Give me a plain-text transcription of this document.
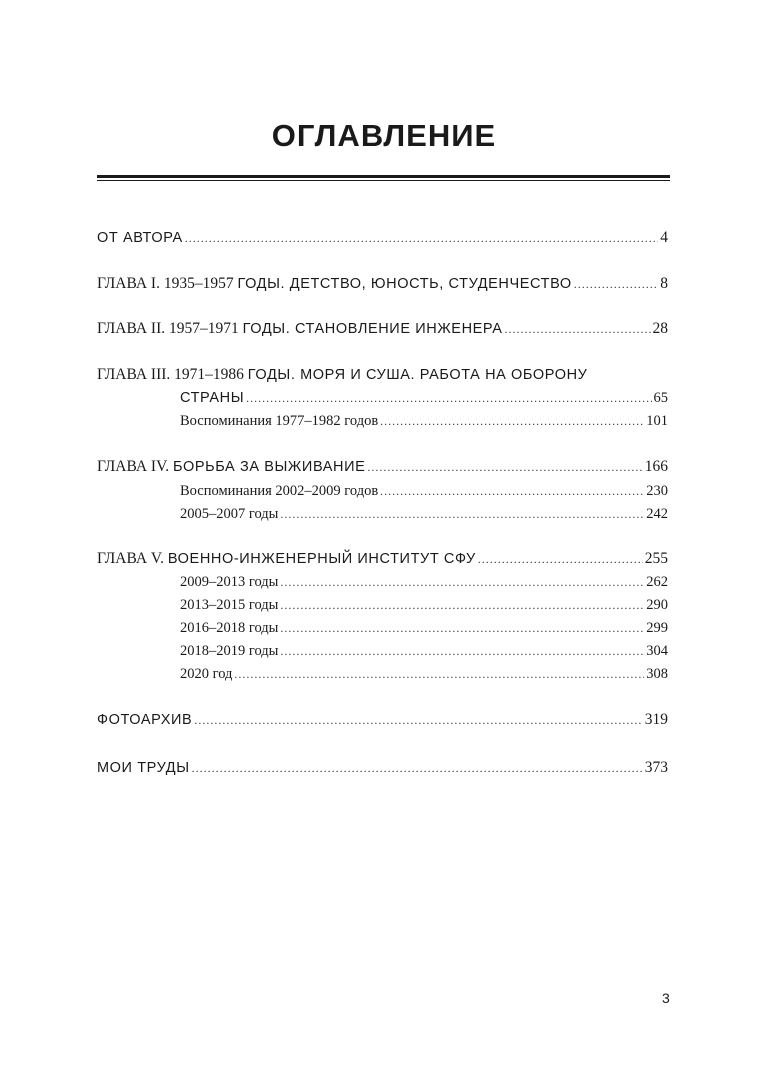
ОГЛАВЛЕНИЕ
ОТ АВТОРА .....	4
ГЛАВА I. 1935–1957 ГОДЫ. ДЕТСТВО, ЮНОСТЬ, СТУДЕНЧЕСТВО .....	8
ГЛАВА II. 1957–1971 ГОДЫ. СТАНОВЛЕНИЕ ИНЖЕНЕРА .....	28
ГЛАВА III. 1971–1986 ГОДЫ. МОРЯ И СУША. РАБОТА НА ОБОРОНУ
СТРАНЫ .....	65
Воспоминания 1977–1982 годов .....	101
ГЛАВА IV. БОРЬБА ЗА ВЫЖИВАНИЕ .....	166
Воспоминания 2002–2009 годов .....	230
2005–2007 годы .....	242
ГЛАВА V. ВОЕННО-ИНЖЕНЕРНЫЙ ИНСТИТУТ СФУ .....	255
2009–2013 годы .....	262
2013–2015 годы .....	290
2016–2018 годы .....	299
2018–2019 годы .....	304
2020 год .....	308
ФОТОАРХИВ .....	319
МОИ ТРУДЫ .....	373
3
